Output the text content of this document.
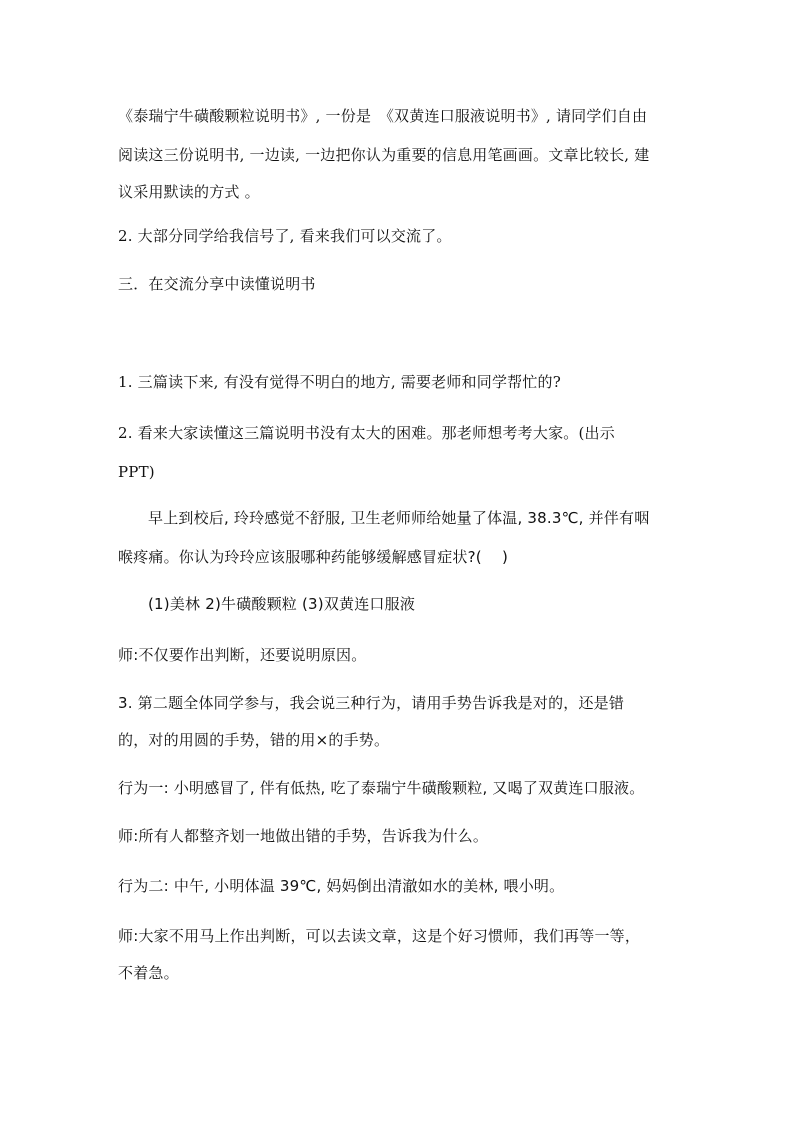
《泰瑞宁牛磺酸颗粒说明书》, 一份是　《双黄连口服液说明书》, 请同学们自由
阅读这三份说明书, 一边读, 一边把你认为重要的信息用笔画画。文章比较长, 建
议采用默读的方式 。
2. 大部分同学给我信号了, 看来我们可以交流了。
三．在交流分享中读懂说明书
1. 三篇读下来, 有没有觉得不明白的地方, 需要老师和同学帮忙的?
2. 看来大家读懂这三篇说明书没有太大的困难。那老师想考考大家。(出示
PPT)
早上到校后, 玲玲感觉不舒服, 卫生老师师给她量了体温, 38.3℃, 并伴有咽
喉疼痛。你认为玲玲应该服哪种药能够缓解感冒症状?(　 )
(1)美林 2)牛磺酸颗粒 (3)双黄连口服液
师:不仅要作出判断，还要说明原因。
3. 第二题全体同学参与，我会说三种行为，请用手势告诉我是对的，还是错
的，对的用圆的手势，错的用×的手势。
行为一: 小明感冒了, 伴有低热, 吃了泰瑞宁牛磺酸颗粒, 又喝了双黄连口服液。
师:所有人都整齐划一地做出错的手势，告诉我为什么。
行为二: 中午, 小明体温 39℃, 妈妈倒出清澈如水的美林, 喂小明。
师:大家不用马上作出判断，可以去读文章，这是个好习惯师，我们再等一等，
不着急。
